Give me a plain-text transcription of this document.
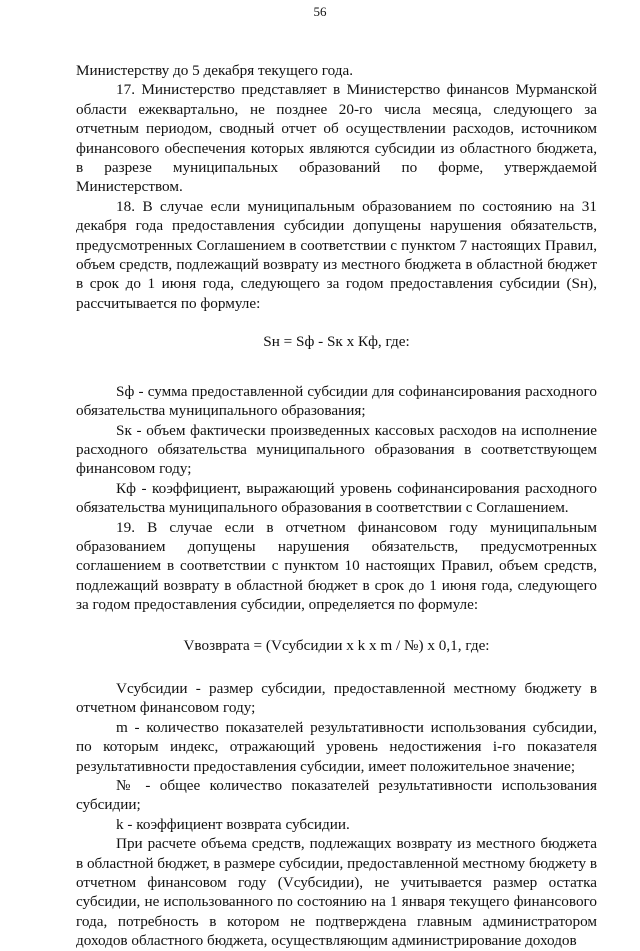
56

Министерству до 5 декабря текущего года.

17. Министерство представляет в Министерство финансов Мурманской области ежеквартально, не позднее 20-го числа месяца, следующего за отчетным периодом, сводный отчет об осуществлении расходов, источником финансового обеспечения которых являются субсидии из областного бюджета, в разрезе муниципальных образований по форме, утверждаемой Министерством.

18. В случае если муниципальным образованием по состоянию на 31 декабря года предоставления субсидии допущены нарушения обязательств, предусмотренных Соглашением в соответствии с пунктом 7 настоящих Правил, объем средств, подлежащий возврату из местного бюджета в областной бюджет в срок до 1 июня года, следующего за годом предоставления субсидии (Sн), рассчитывается по формуле:

Sн = Sф - Sк х Кф, где:

Sф - сумма предоставленной субсидии для софинансирования расходного обязательства муниципального образования;

Sк - объем фактически произведенных кассовых расходов на исполнение расходного обязательства муниципального образования в соответствующем финансовом году;

Кф - коэффициент, выражающий уровень софинансирования расходного обязательства муниципального образования в соответствии с Соглашением.

19. В случае если в отчетном финансовом году муниципальным образованием допущены нарушения обязательств, предусмотренных соглашением в соответствии с пунктом 10 настоящих Правил, объем средств, подлежащий возврату в областной бюджет в срок до 1 июня года, следующего за годом предоставления субсидии, определяется по формуле:

Vвозврата = (Vсубсидии х k х m / №) х 0,1, где:

Vсубсидии - размер субсидии, предоставленной местному бюджету в отчетном финансовом году;

m - количество показателей результативности использования субсидии, по которым индекс, отражающий уровень недостижения i-го показателя результативности предоставления субсидии, имеет положительное значение;

№ - общее количество показателей результативности использования субсидии;

k - коэффициент возврата субсидии.

При расчете объема средств, подлежащих возврату из местного бюджета в областной бюджет, в размере субсидии, предоставленной местному бюджету в отчетном финансовом году (Vсубсидии), не учитывается размер остатка субсидии, не использованного по состоянию на 1 января текущего финансового года, потребность в котором не подтверждена главным администратором доходов областного бюджета, осуществляющим администрирование доходов
